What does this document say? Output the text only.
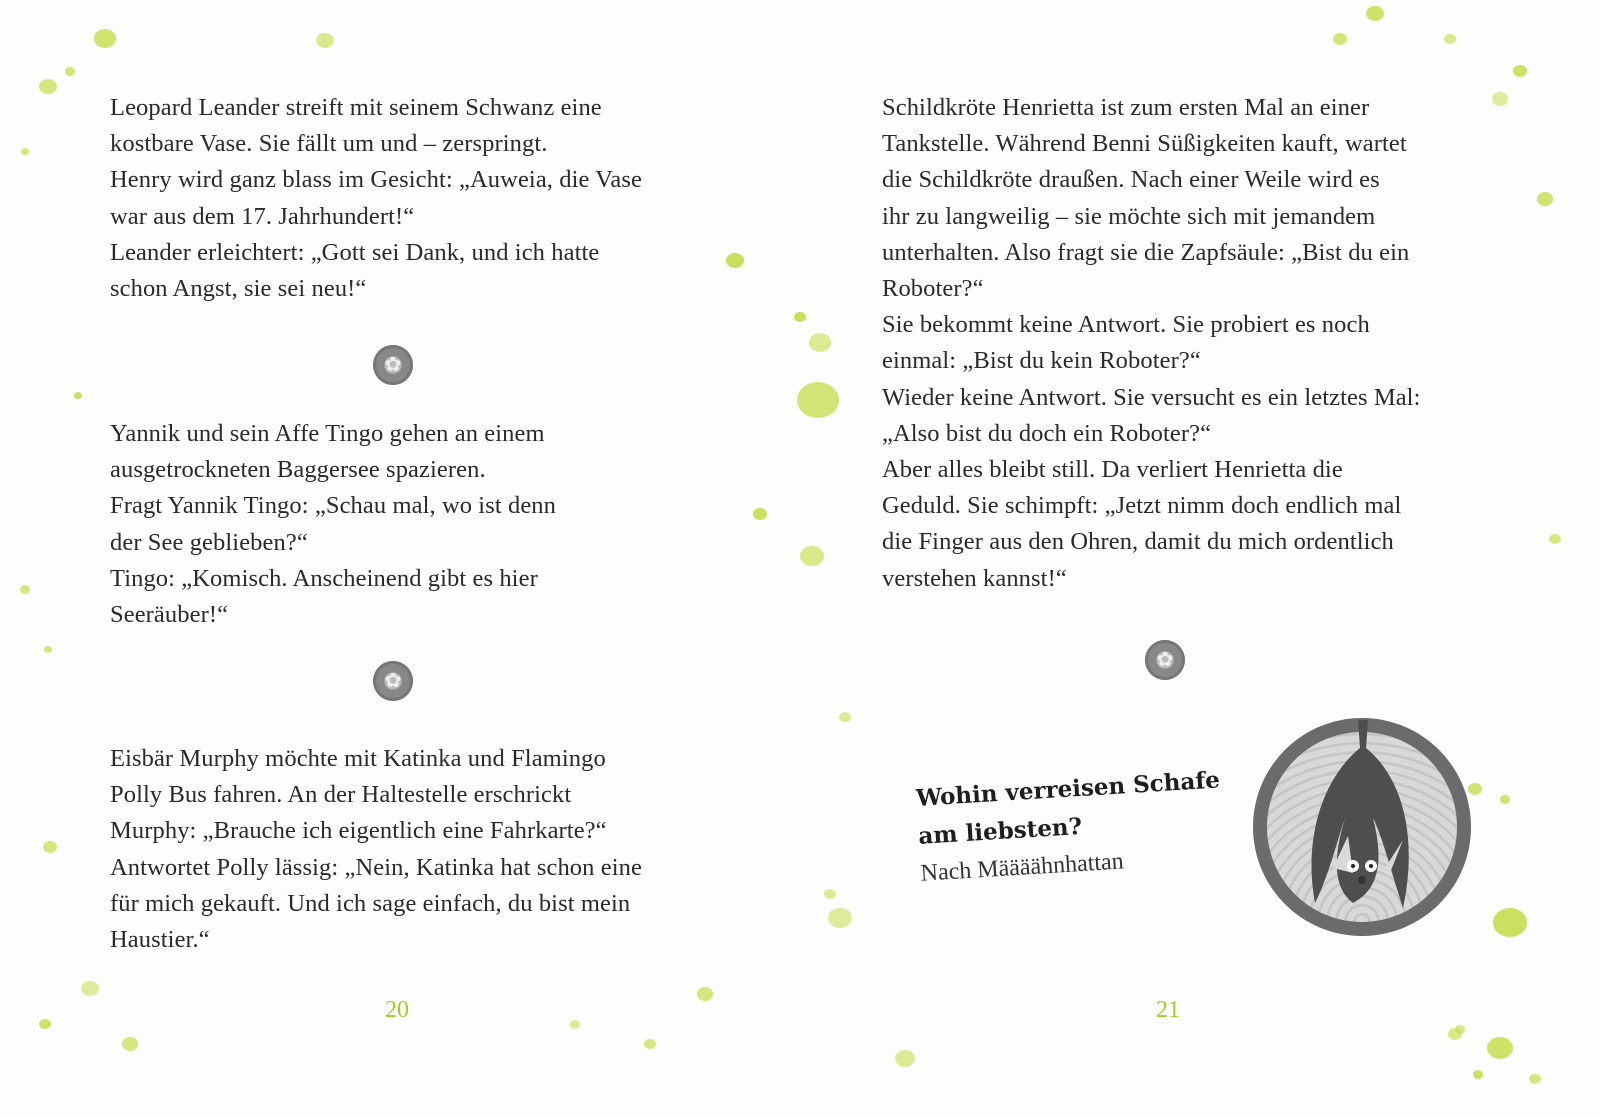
Leopard Leander streift mit seinem Schwanz eine
kostbare Vase. Sie fällt um und – zerspringt.
Henry wird ganz blass im Gesicht: „Auweia, die Vase
war aus dem 17. Jahrhundert!“
Leander erleichtert: „Gott sei Dank, und ich hatte
schon Angst, sie sei neu!“
✿
Yannik und sein Affe Tingo gehen an einem
ausgetrockneten Baggersee spazieren.
Fragt Yannik Tingo: „Schau mal, wo ist denn
der See geblieben?“
Tingo: „Komisch. Anscheinend gibt es hier
Seeräuber!“
✿
Eisbär Murphy möchte mit Katinka und Flamingo
Polly Bus fahren. An der Haltestelle erschrickt
Murphy: „Brauche ich eigentlich eine Fahrkarte?“
Antwortet Polly lässig: „Nein, Katinka hat schon eine
für mich gekauft. Und ich sage einfach, du bist mein
Haustier.“
20
Schildkröte Henrietta ist zum ersten Mal an einer
Tankstelle. Während Benni Süßigkeiten kauft, wartet
die Schildkröte draußen. Nach einer Weile wird es
ihr zu langweilig – sie möchte sich mit jemandem
unterhalten. Also fragt sie die Zapfsäule: „Bist du ein
Roboter?“
Sie bekommt keine Antwort. Sie probiert es noch
einmal: „Bist du kein Roboter?“
Wieder keine Antwort. Sie versucht es ein letztes Mal:
„Also bist du doch ein Roboter?“
Aber alles bleibt still. Da verliert Henrietta die
Geduld. Sie schimpft: „Jetzt nimm doch endlich mal
die Finger aus den Ohren, damit du mich ordentlich
verstehen kannst!“
✿
21
Wohin verreisen Schafe
am liebsten?
Nach Määäähnhattan
